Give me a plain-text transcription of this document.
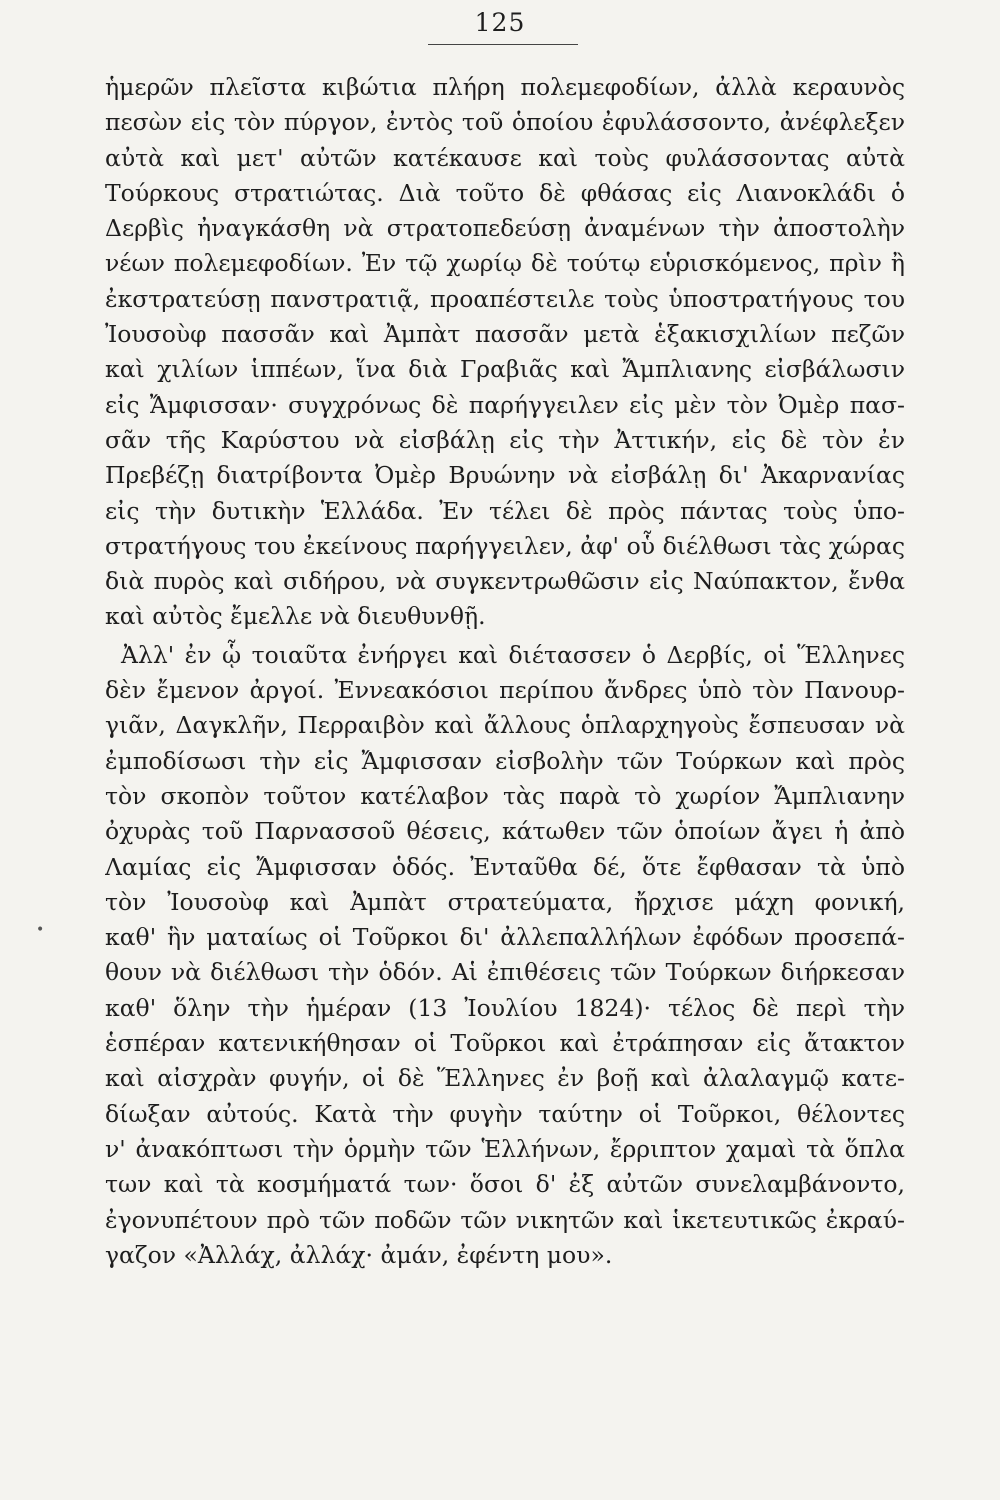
125
ἡμερῶν πλεῖστα κιβώτια πλήρη πολεμεφοδίων, ἀλλὰ κεραυνὸς
πεσὼν εἰς τὸν πύργον, ἐντὸς τοῦ ὁποίου ἐφυλάσσοντο, ἀνέφλεξεν
αὐτὰ καὶ μετ' αὐτῶν κατέκαυσε καὶ τοὺς φυλάσσοντας αὐτὰ
Τούρκους στρατιώτας. Διὰ τοῦτο δὲ φθάσας εἰς Λιανοκλάδι ὁ
Δερβὶς ἠναγκάσθη νὰ στρατοπεδεύσῃ ἀναμένων τὴν ἀποστολὴν
νέων πολεμεφοδίων. Ἐν τῷ χωρίῳ δὲ τούτῳ εὑρισκόμενος, πρὶν ἢ
ἐκστρατεύσῃ πανστρατιᾷ, προαπέστειλε τοὺς ὑποστρατήγους του
Ἰουσοὺφ πασσᾶν καὶ Ἀμπὰτ πασσᾶν μετὰ ἑξακισχιλίων πεζῶν
καὶ χιλίων ἱππέων, ἵνα διὰ Γραβιᾶς καὶ Ἄμπλιανης εἰσβάλωσιν
εἰς Ἄμφισσαν· συγχρόνως δὲ παρήγγειλεν εἰς μὲν τὸν Ὀμὲρ πασ-
σᾶν τῆς Καρύστου νὰ εἰσβάλῃ εἰς τὴν Ἀττικήν, εἰς δὲ τὸν ἐν
Πρεβέζῃ διατρίβοντα Ὀμὲρ Βρυώνην νὰ εἰσβάλῃ δι' Ἀκαρνανίας
εἰς τὴν δυτικὴν Ἑλλάδα. Ἐν τέλει δὲ πρὸς πάντας τοὺς ὑπο-
στρατήγους του ἐκείνους παρήγγειλεν, ἀφ' οὗ διέλθωσι τὰς χώρας
διὰ πυρὸς καὶ σιδήρου, νὰ συγκεντρωθῶσιν εἰς Ναύπακτον, ἔνθα
καὶ αὐτὸς ἔμελλε νὰ διευθυνθῇ.
Ἀλλ' ἐν ᾧ τοιαῦτα ἐνήργει καὶ διέτασσεν ὁ Δερβίς, οἱ Ἕλληνες
δὲν ἔμενον ἀργοί. Ἐννεακόσιοι περίπου ἄνδρες ὑπὸ τὸν Πανουρ-
γιᾶν, Δαγκλῆν, Περραιβὸν καὶ ἄλλους ὁπλαρχηγοὺς ἔσπευσαν νὰ
ἐμποδίσωσι τὴν εἰς Ἄμφισσαν εἰσβολὴν τῶν Τούρκων καὶ πρὸς
τὸν σκοπὸν τοῦτον κατέλαβον τὰς παρὰ τὸ χωρίον Ἄμπλιανην
ὀχυρὰς τοῦ Παρνασσοῦ θέσεις, κάτωθεν τῶν ὁποίων ἄγει ἡ ἀπὸ
Λαμίας εἰς Ἄμφισσαν ὁδός. Ἐνταῦθα δέ, ὅτε ἔφθασαν τὰ ὑπὸ
τὸν Ἰουσοὺφ καὶ Ἀμπὰτ στρατεύματα, ἤρχισε μάχη φονική,
καθ' ἣν ματαίως οἱ Τοῦρκοι δι' ἀλλεπαλλήλων ἐφόδων προσεπά-
θουν νὰ διέλθωσι τὴν ὁδόν. Αἱ ἐπιθέσεις τῶν Τούρκων διήρκεσαν
καθ' ὅλην τὴν ἡμέραν (13 Ἰουλίου 1824)· τέλος δὲ περὶ τὴν
ἑσπέραν κατενικήθησαν οἱ Τοῦρκοι καὶ ἐτράπησαν εἰς ἄτακτον
καὶ αἰσχρὰν φυγήν, οἱ δὲ Ἕλληνες ἐν βοῇ καὶ ἀλαλαγμῷ κατε-
δίωξαν αὐτούς. Κατὰ τὴν φυγὴν ταύτην οἱ Τοῦρκοι, θέλοντες
ν' ἀνακόπτωσι τὴν ὁρμὴν τῶν Ἑλλήνων, ἔρριπτον χαμαὶ τὰ ὅπλα
των καὶ τὰ κοσμήματά των· ὅσοι δ' ἐξ αὐτῶν συνελαμβάνοντο,
ἐγονυπέτουν πρὸ τῶν ποδῶν τῶν νικητῶν καὶ ἱκετευτικῶς ἐκραύ-
γαζον «Ἀλλάχ, ἀλλάχ· ἀμάν, ἐφέντη μου».
•
